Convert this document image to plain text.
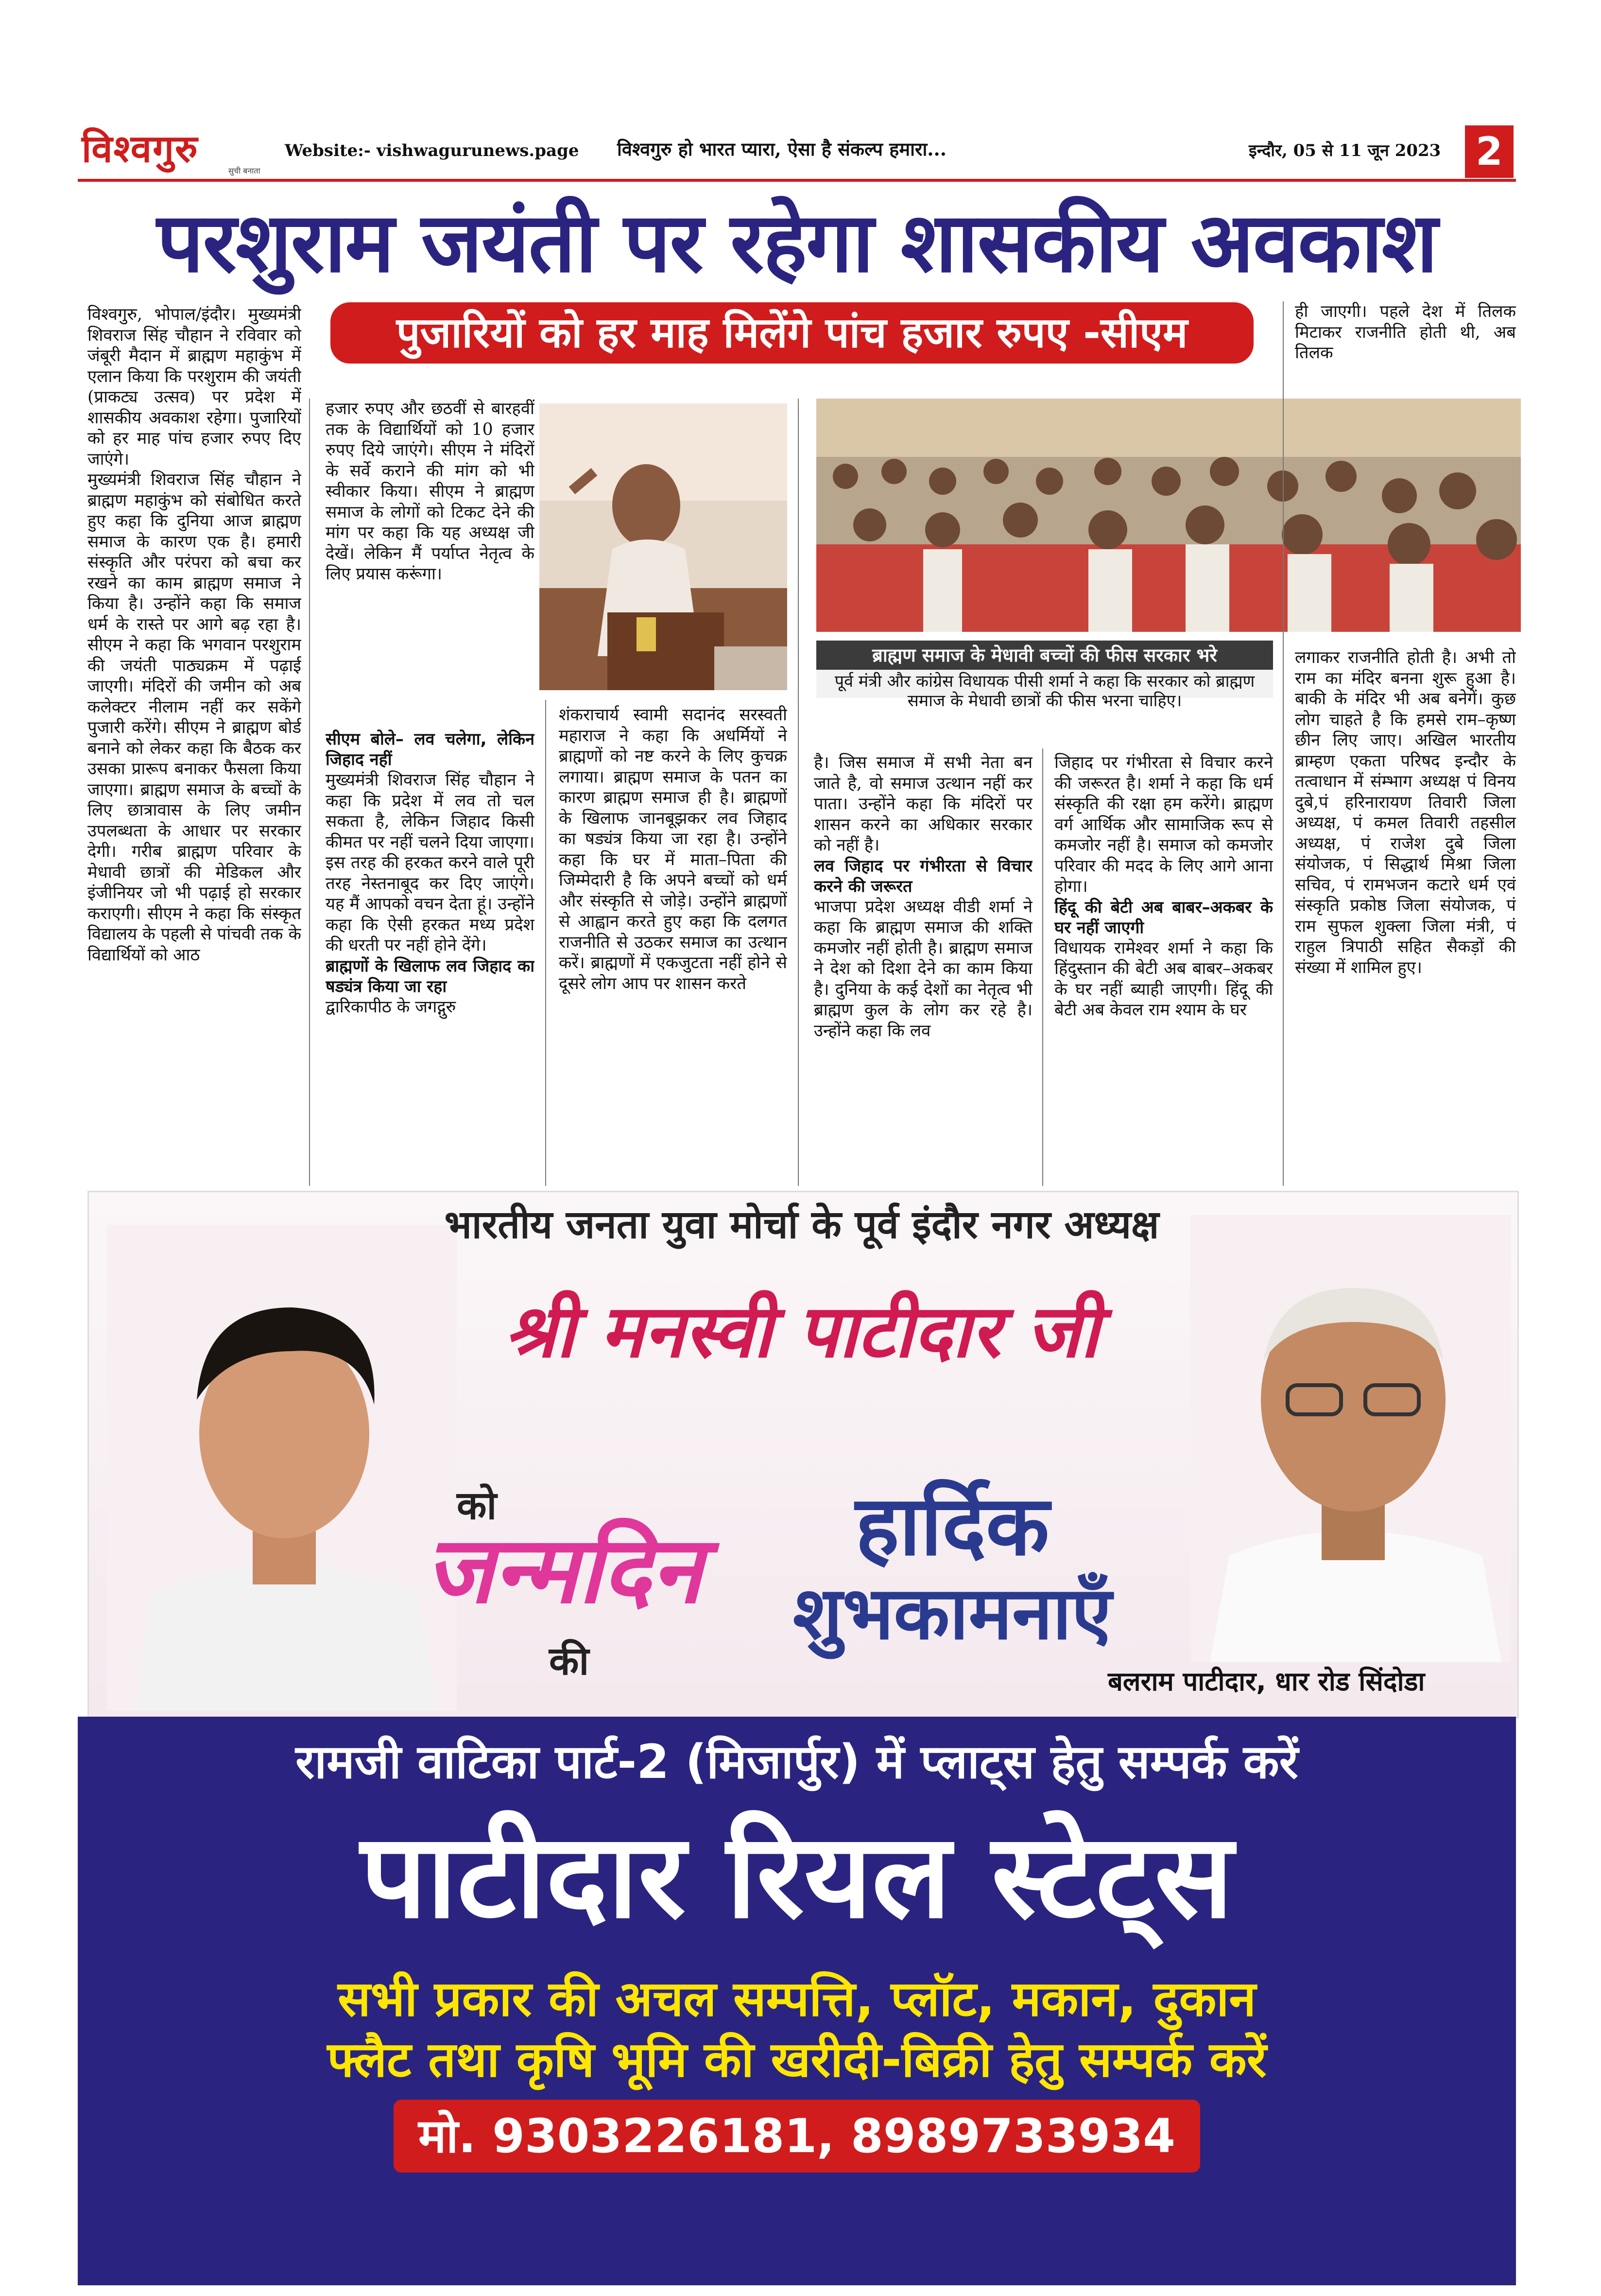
विश्वगुरु	सुची बनाता
Website:- vishwagurunews.page विश्वगुरु हो भारत प्यारा, ऐसा है संकल्प हमारा...	इन्दौर, 05 से 11 जून 2023 2
परशुराम जयंती पर रहेगा शासकीय अवकाश
पुजारियों को हर माह मिलेंगे पांच हजार रुपए -सीएम

विश्वगुरु, भोपाल/इंदौर। मुख्यमंत्री शिवराज सिंह चौहान ने रविवार को जंबूरी मैदान में ब्राह्मण महाकुंभ में एलान किया कि परशुराम की जयंती (प्राकट्य उत्सव) पर प्रदेश में शासकीय अवकाश रहेगा। पुजारियों को हर माह पांच हजार रुपए दिए जाएंगे।

मुख्यमंत्री शिवराज सिंह चौहान ने ब्राह्मण महाकुंभ को संबोधित करते हुए कहा कि दुनिया आज ब्राह्मण समाज के कारण एक है। हमारी संस्कृति और परंपरा को बचा कर रखने का काम ब्राह्मण समाज ने किया है। उन्होंने कहा कि समाज धर्म के रास्ते पर आगे बढ़ रहा है। सीएम ने कहा कि भगवान परशुराम की जयंती पाठ्यक्रम में पढ़ाई जाएगी। मंदिरों की जमीन को अब कलेक्टर नीलाम नहीं कर सकेंगे पुजारी करेंगे। सीएम ने ब्राह्मण बोर्ड बनाने को लेकर कहा कि बैठक कर उसका प्रारूप बनाकर फैसला किया जाएगा। ब्राह्मण समाज के बच्चों के लिए छात्रावास के लिए जमीन उपलब्धता के आधार पर सरकार देगी। गरीब ब्राह्मण परिवार के मेधावी छात्रों की मेडिकल और इंजीनियर जो भी पढ़ाई हो सरकार कराएगी। सीएम ने कहा कि संस्कृत विद्यालय के पहली से पांचवी तक के विद्यार्थियों को आठ

हजार रुपए और छठवीं से बारहवीं तक के विद्यार्थियों को 10 हजार रुपए दिये जाएंगे। सीएम ने मंदिरों के सर्वे कराने की मांग को भी स्वीकार किया। सीएम ने ब्राह्मण समाज के लोगों को टिकट देने की मांग पर कहा कि यह अध्यक्ष जी देखें। लेकिन मैं पर्याप्त नेतृत्व के लिए प्रयास करूंगा।

ब्राह्मण समाज के मेधावी बच्चों की फीस सरकार भरे
पूर्व मंत्री और कांग्रेस विधायक पीसी शर्मा ने कहा कि सरकार को ब्राह्मण समाज के मेधावी छात्रों की फीस भरना चाहिए।

सीएम बोले– लव चलेगा, लेकिन जिहाद नहीं

मुख्यमंत्री शिवराज सिंह चौहान ने कहा कि प्रदेश में लव तो चल सकता है, लेकिन जिहाद किसी कीमत पर नहीं चलने दिया जाएगा। इस तरह की हरकत करने वाले पूरी तरह नेस्तनाबूद कर दिए जाएंगे। यह मैं आपको वचन देता हूं। उन्होंने कहा कि ऐसी हरकत मध्य प्रदेश की धरती पर नहीं होने देंगे।

ब्राह्मणों के खिलाफ लव जिहाद का षड्यंत्र किया जा रहा

द्वारिकापीठ के जगद्गुरु

शंकराचार्य स्वामी सदानंद सरस्वती महाराज ने कहा कि अधर्मियों ने ब्राह्मणों को नष्ट करने के लिए कुचक्र लगाया। ब्राह्मण समाज के पतन का कारण ब्राह्मण समाज ही है। ब्राह्मणों के खिलाफ जानबूझकर लव जिहाद का षड्यंत्र किया जा रहा है। उन्होंने कहा कि घर में माता–पिता की जिम्मेदारी है कि अपने बच्चों को धर्म और संस्कृति से जोड़े। उन्होंने ब्राह्मणों से आह्वान करते हुए कहा कि दलगत राजनीति से उठकर समाज का उत्थान करें। ब्राह्मणों में एकजुटता नहीं होने से दूसरे लोग आप पर शासन करते

है। जिस समाज में सभी नेता बन जाते है, वो समाज उत्थान नहीं कर पाता। उन्होंने कहा कि मंदिरों पर शासन करने का अधिकार सरकार को नहीं है।

लव जिहाद पर गंभीरता से विचार करने की जरूरत

भाजपा प्रदेश अध्यक्ष वीडी शर्मा ने कहा कि ब्राह्मण समाज की शक्ति कमजोर नहीं होती है। ब्राह्मण समाज ने देश को दिशा देने का काम किया है। दुनिया के कई देशों का नेतृत्व भी ब्राह्मण कुल के लोग कर रहे है। उन्होंने कहा कि लव

जिहाद पर गंभीरता से विचार करने की जरूरत है। शर्मा ने कहा कि धर्म संस्कृति की रक्षा हम करेंगे। ब्राह्मण वर्ग आर्थिक और सामाजिक रूप से कमजोर नहीं है। समाज को कमजोर परिवार की मदद के लिए आगे आना होगा।

हिंदू की बेटी अब बाबर–अकबर के घर नहीं जाएगी

विधायक रामेश्वर शर्मा ने कहा कि हिंदुस्तान की बेटी अब बाबर–अकबर के घर नहीं ब्याही जाएगी। हिंदू की बेटी अब केवल राम श्याम के घर

ही जाएगी। पहले देश में तिलक मिटाकर राजनीति होती थी, अब तिलक

लगाकर राजनीति होती है। अभी तो राम का मंदिर बनना शुरू हुआ है। बाकी के मंदिर भी अब बनेगें। कुछ लोग चाहते है कि हमसे राम–कृष्ण छीन लिए जाए। अखिल भारतीय ब्राम्हण एकता परिषद इन्दौर के तत्वाधान में संम्भाग अध्यक्ष पं विनय दुबे,पं हरिनारायण तिवारी जिला अध्यक्ष, पं कमल तिवारी तहसील अध्यक्ष, पं राजेश दुबे जिला संयोजक, पं सिद्धार्थ मिश्रा जिला सचिव, पं रामभजन कटारे धर्म एवं संस्कृति प्रकोष्ठ जिला संयोजक, पं राम सुफल शुक्ला जिला मंत्री, पं राहुल त्रिपाठी सहित सैकड़ों की संख्या में शामिल हुए।

भारतीय जनता युवा मोर्चा के पूर्व इंदौर नगर अध्यक्ष
श्री मनस्वी पाटीदार जी
को
जन्मदिन
की
हार्दिक
शुभकामनाएँ
बलराम पाटीदार, धार रोड सिंदोडा
रामजी वाटिका पार्ट-2 (मिजार्पुर) में प्लाट्स हेतु सम्पर्क करें
पाटीदार रियल स्टेट्स
सभी प्रकार की अचल सम्पत्ति, प्लॉट, मकान, दुकान
फ्लैट तथा कृषि भूमि की खरीदी-बिक्री हेतु सम्पर्क करें
मो. 9303226181, 8989733934
